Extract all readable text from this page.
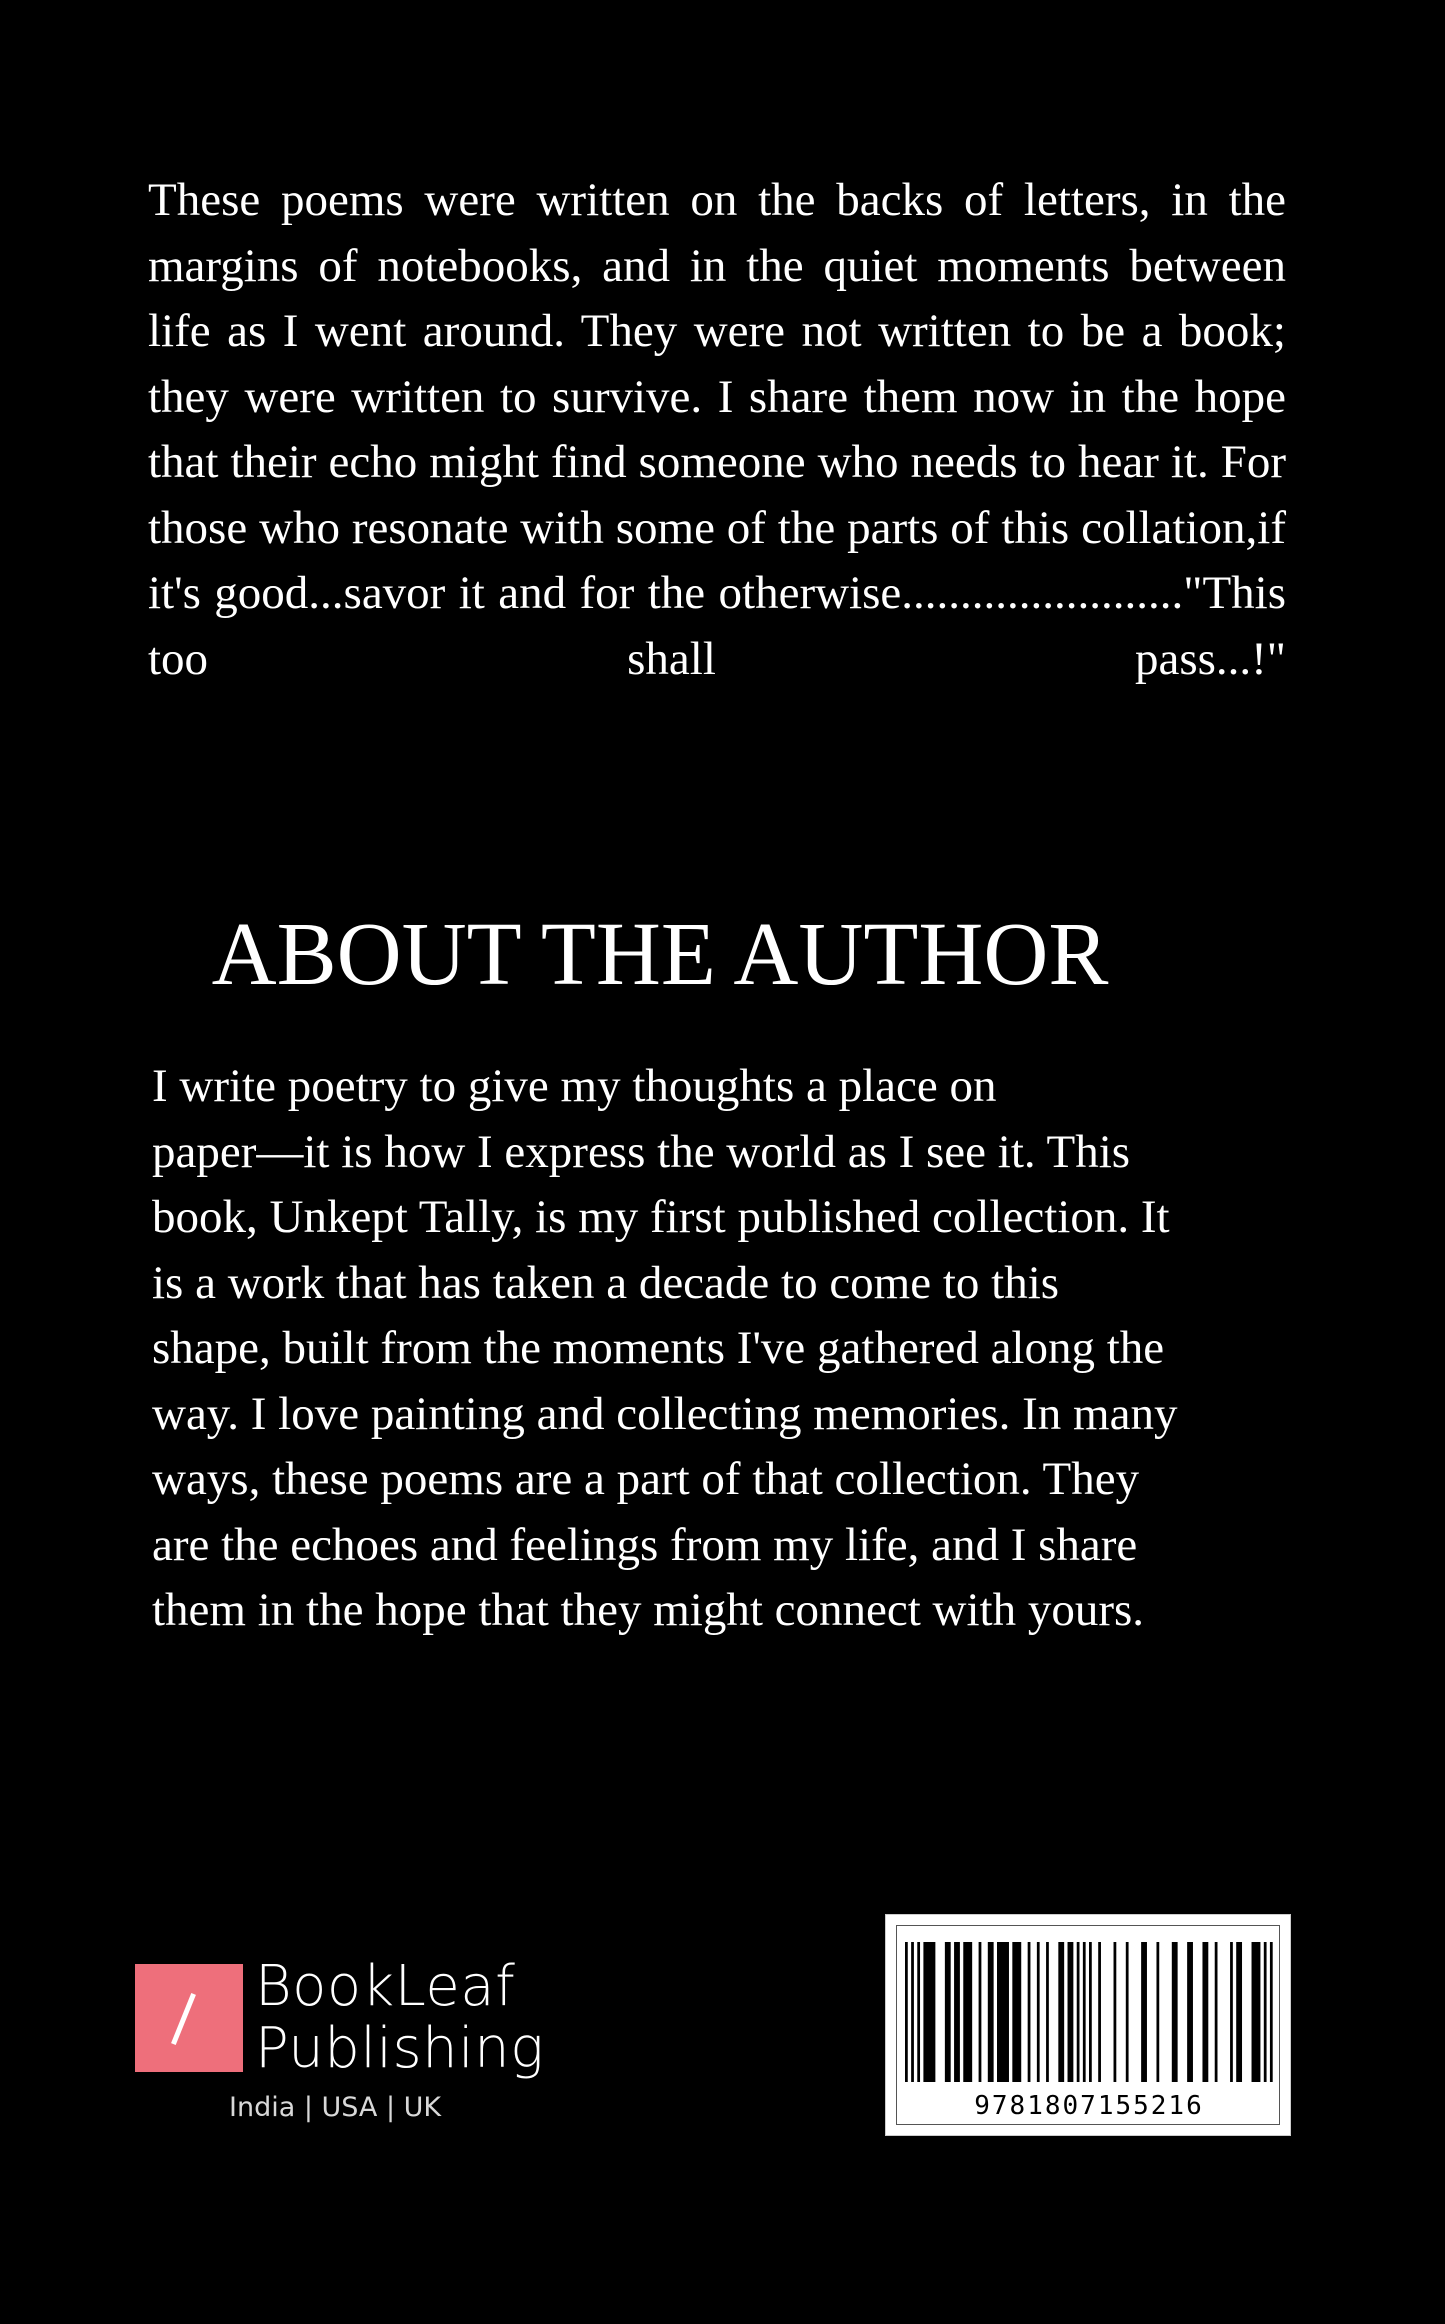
These poems were written on the backs of letters, in the margins of notebooks, and in the quiet moments between life as I went around. They were not written to be a book; they were written to survive. I share them now in the hope that their echo might find someone who needs to hear it. For those who resonate with some of the parts of this collation,if it's good...savor it and for the otherwise........................"This too shall pass...!"

ABOUT THE AUTHOR

I write poetry to give my thoughts a place on
paper—it is how I express the world as I see it. This
book, Unkept Tally, is my first published collection. It
is a work that has taken a decade to come to this
shape, built from the moments I've gathered along the
way. I love painting and collecting memories. In many
ways, these poems are a part of that collection. They
are the echoes and feelings from my life, and I share
them in the hope that they might connect with yours.

BookLeaf
Publishing
India | USA | UK	9781807155216
